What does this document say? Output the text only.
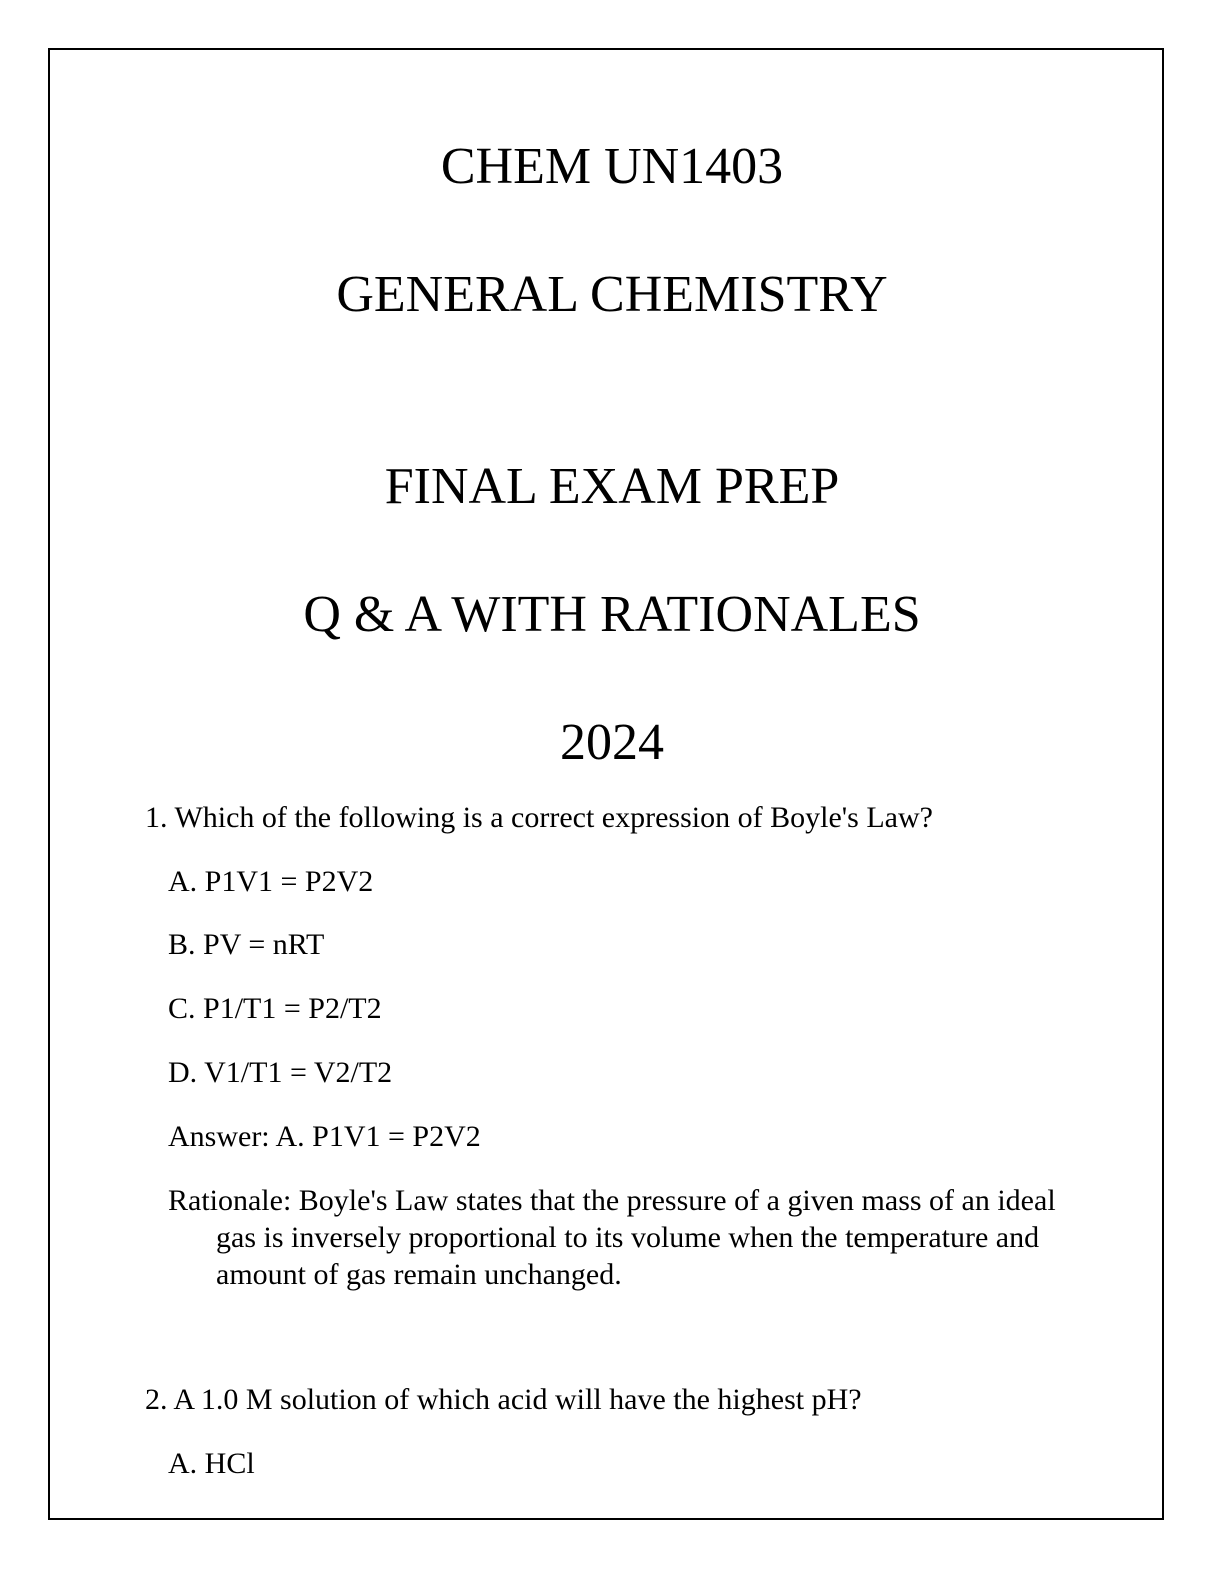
CHEM UN1403
GENERAL CHEMISTRY
FINAL EXAM PREP
Q & A WITH RATIONALES
2024
1. Which of the following is a correct expression of Boyle's Law?
A. P1V1 = P2V2
B. PV = nRT
C. P1/T1 = P2/T2
D. V1/T1 = V2/T2
Answer: A. P1V1 = P2V2
Rationale: Boyle's Law states that the pressure of a given mass of an ideal gas is inversely proportional to its volume when the temperature and amount of gas remain unchanged.
2. A 1.0 M solution of which acid will have the highest pH?
A. HCl
